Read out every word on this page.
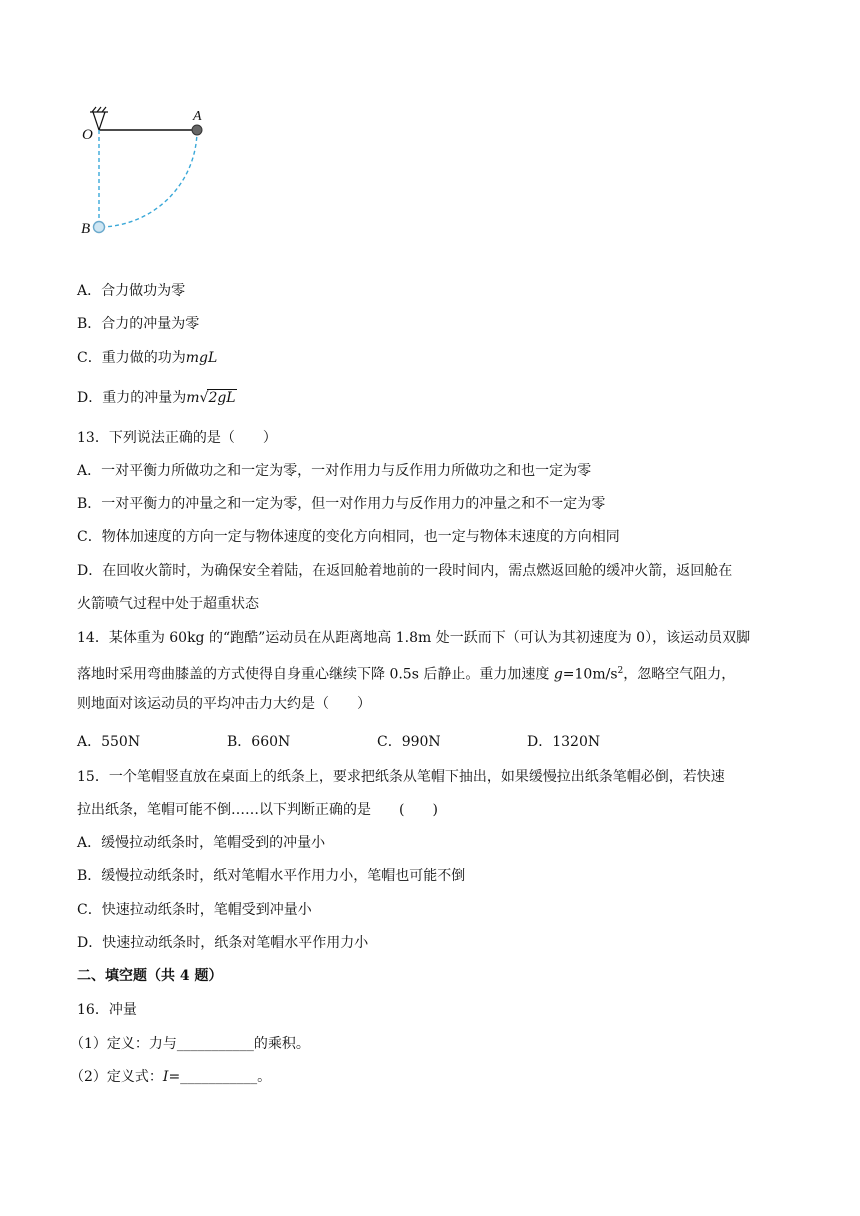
O
A
B
A．合力做功为零
B．合力的冲量为零
C．重力做的功为mgL
D．重力的冲量为m√2gL
13．下列说法正确的是（　　）
A．一对平衡力所做功之和一定为零，一对作用力与反作用力所做功之和也一定为零
B．一对平衡力的冲量之和一定为零，但一对作用力与反作用力的冲量之和不一定为零
C．物体加速度的方向一定与物体速度的变化方向相同，也一定与物体末速度的方向相同
D．在回收火箭时，为确保安全着陆，在返回舱着地前的一段时间内，需点燃返回舱的缓冲火箭，返回舱在
火箭喷气过程中处于超重状态
14．某体重为 60kg 的“跑酷”运动员在从距离地高 1.8m 处一跃而下（可认为其初速度为 0），该运动员双脚
落地时采用弯曲膝盖的方式使得自身重心继续下降 0.5s 后静止。重力加速度 $g=10m/s^2$，忽略空气阻力，
则地面对该运动员的平均冲击力大约是（　　）
A．550N	B．660N	C．990N	D．1320N
15．一个笔帽竖直放在桌面上的纸条上，要求把纸条从笔帽下抽出，如果缓慢拉出纸条笔帽必倒，若快速
拉出纸条，笔帽可能不倒……以下判断正确的是　　(　　)
A．缓慢拉动纸条时，笔帽受到的冲量小
B．缓慢拉动纸条时，纸对笔帽水平作用力小，笔帽也可能不倒
C．快速拉动纸条时，笔帽受到冲量小
D．快速拉动纸条时，纸条对笔帽水平作用力小
二、填空题（共 4 题）
16．冲量
（1）定义：力与___________的乘积。
（2）定义式：I=___________。
